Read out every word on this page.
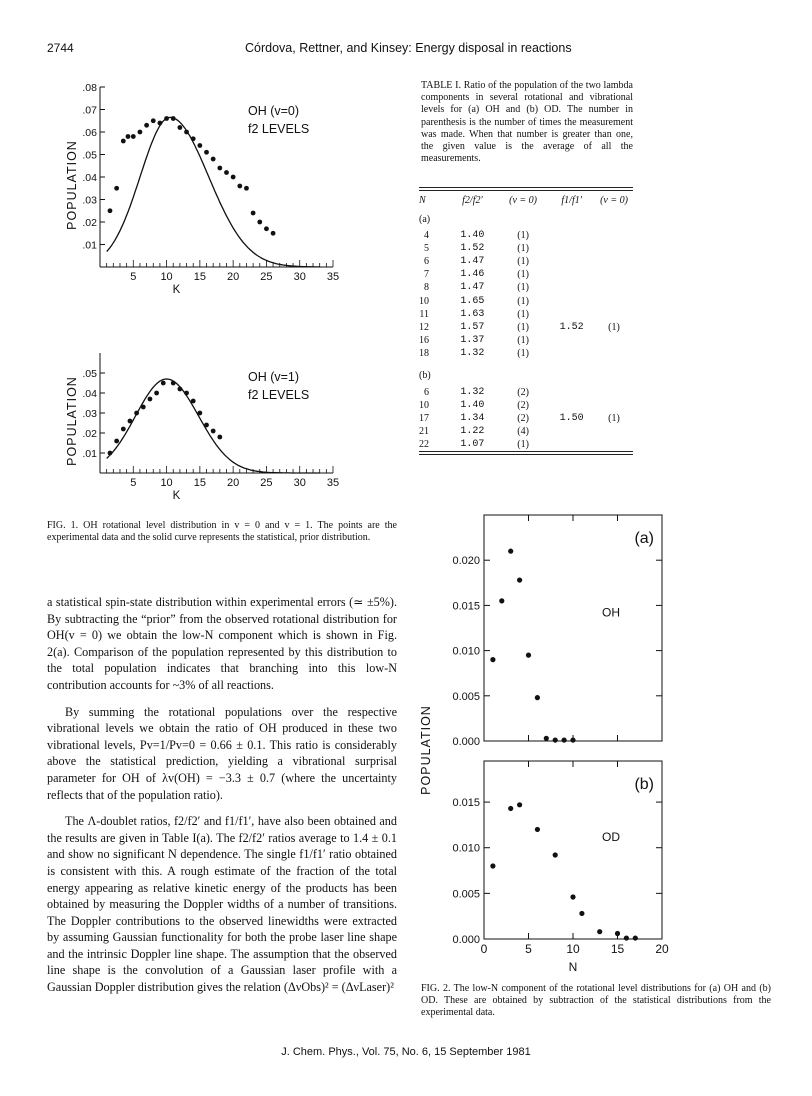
2744	Córdova, Rettner, and Kinsey: Energy disposal in reactions
.08
.07
.06
.05
.04
.03
.02
.01
5 10 15 20 25 30 35
K
POPULATION
OH (v=0)
f2 LEVELS
.05
.04
.03
.02
.01
5 10 15 20 25 30 35
K
POPULATION	OH (v=1)
f2 LEVELS
FIG. 1. OH rotational level distribution in v = 0 and v = 1. The points are the experimental data and the solid curve represents the statistical, prior distribution.
TABLE I. Ratio of the population of the two lambda components in several rotational and vibrational levels for (a) OH and (b) OD. The number in parenthesis is the number of times the measurement was made. When that number is greater than one, the given value is the average of all the measurements.
N	f2/f2′	(v = 0)	f1/f1′	(v = 0)
(a)				
4	1.40	(1)		
5	1.52	(1)		
6	1.47	(1)		
7	1.46	(1)		
8	1.47	(1)		
10	1.65	(1)		
11	1.63	(1)		
12	1.57	(1)	1.52	(1)
16	1.37	(1)		
18	1.32	(1)		

(b)				
6	1.32	(2)		
10	1.40	(2)		
17	1.34	(2)	1.50	(1)
21	1.22	(4)		
22	1.07	(1)		

a statistical spin-state distribution within experimental errors (≃ ±5%). By subtracting the “prior” from the observed rotational distribution for OH(v = 0) we obtain the low-N component which is shown in Fig. 2(a). Comparison of the population represented by this distribution to the total population indicates that branching into this low-N contribution accounts for ~3% of all reactions.

By summing the rotational populations over the respective vibrational levels we obtain the ratio of OH produced in these two vibrational levels, Pv=1/Pv=0 = 0.66 ± 0.1. This ratio is considerably above the statistical prediction, yielding a vibrational surprisal parameter for OH of λv(OH) = −3.3 ± 0.7 (where the uncertainty reflects that of the population ratio).

The Λ-doublet ratios, f2/f2′ and f1/f1′, have also been obtained and the results are given in Table I(a). The f2/f2′ ratios average to 1.4 ± 0.1 and show no significant N dependence. The single f1/f1′ ratio obtained is consistent with this. A rough estimate of the fraction of the total energy appearing as relative kinetic energy of the products has been obtained by measuring the Doppler widths of a number of transitions. The Doppler contributions to the observed linewidths were extracted by assuming Gaussian functionality for both the probe laser line shape and the intrinsic Doppler line shape. The assumption that the observed line shape is the convolution of a Gaussian laser profile with a Gaussian Doppler distribution gives the relation (ΔνObs)² = (ΔνLaser)²

0.020
0.015
0.010
0.005
0.000
(a)
OH
0.015
0.010
0.005
0.000
(b)
OD
0	5	10	15	20
N
POPULATION
FIG. 2. The low-N component of the rotational level distributions for (a) OH and (b) OD. These are obtained by subtraction of the statistical distributions from the experimental data.
J. Chem. Phys., Vol. 75, No. 6, 15 September 1981
